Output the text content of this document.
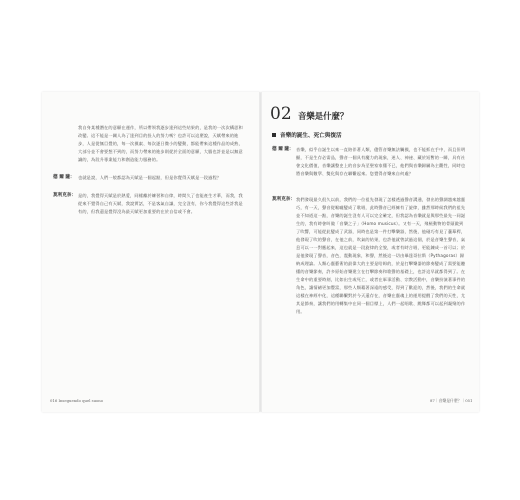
我自身某種潛在的意願在運作，所以帶領我逐步達到這些結果的，是我的一次次構思和改變。這不能是一關人為了達到目的投入的努力嗎？也許可以這麼說，天賦帶來的進步，人是從無目覺的，每一次摸索、每次逐日微小的變動，都能帶來這種作品的成熟，大部分並不會要想不到的，而努力帶來的進步則從於全面的意願，大腦也許並是以無意識的，為段升專業能力和創造能力服務的。
德 爾 薩： 也就是說，人們一般都認為天賦是一個起點，但是你覺得天賦是一段過程？
莫利克奈： 是的，我覺得天賦是於熱愛，同樣離於練習和自律，時間久了也能產生才華，而我，我從來不覺得自己有天賦，我說實話，不是客氣自謙，完全沒有，你今我覺得這些許我是有的，但我還是覺得沒為最天賦更加重要的在於自信或不會。
016 Inseguendo quel suono
02 音樂是什麼？
音樂的誕生、死亡與復活
德 爾 薩： 音樂，似乎自誕生以來一直陪伴著人類，儘管音樂無法觸摸，也不能抓在手中，而且但明顯，不是生存必需品，聲音一個具有魔力的現象，迷人、神祕、藏於短暫的一瞬，具有社會文化價值，音樂讓整史上的音步為至聖家家懂不已，他們與音樂歸屬為主觀性，同時也將音樂與數學、雙化與存在聯繫起來。您覺得音樂來自何處？
莫利克奈： 我們發現最久很久以前，我們的一位祖先發現了怎樣透過聲音溝通，發出的聲調越來越靈巧，有一天，聲音從喉嚨變成了歌唱，此時聲音已經擁有了旋律，雖然那時候我們的祖先並不知道這一點，音樂的誕生沒有人可以完全確定，但我認為音樂就是與那些最先一同誕生的，我有時會叫做「音樂之子」（Homo musicus）。又有一天，飛極動物的骨頭做到了吹響，可能從此變成了武器，同時也是第一件打擊樂器，然後，他碰巧有見了蘆葦桿，他發現了吹的聲音，在他之前，吹氣的結果，也許他就曾試過這個，於是音樂生聲音，氣息可以一一對應起來，這也就是一段旋律的全貌，或者有時合唱，更能鍊成一首可以；於是他發現了聲音，音色，震動現象，和聲，然後這一切由畢達哥拉斯（Pythagoras）歸納成理論。人類心靈藝術的最偉大的主要是哈姆的，於是打擊樂器的節奏變成了需要能聽懂的音樂節奏，許多原始音樂建立在打擊節奏和歌聲的基礎上，也許這早就都得到了。在生命中的重要時刻，比如出生或死亡，或者在軍事活動、宗教活動中，音樂扮演著事件的角色，讓情緒更加豐富，那些人類藉著深遠的感受，得到了歡迎的，然後，我們的生命就這樣在神經中化，這種聯繫對於今天還存在，音樂在靈魂上的運用提醒了我們的天性，尤其是節奏，讓我們的用轉集中在同一個目標上，人們一起唱歌、跳舞都可以起到凝聚的作用。
87｜音樂是什麼？｜051
